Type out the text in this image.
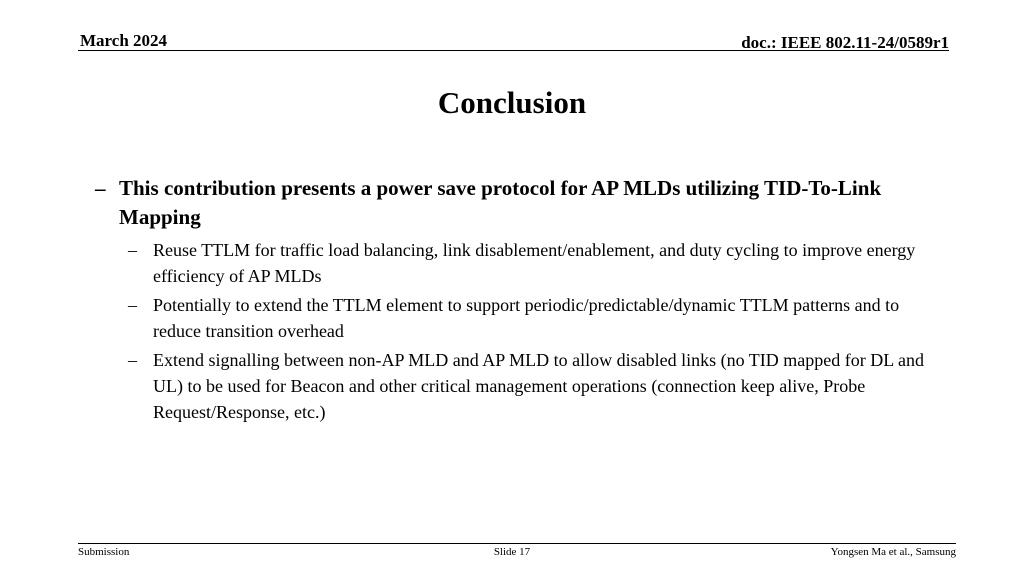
March 2024	doc.: IEEE 802.11-24/0589r1
Conclusion
– This contribution presents a power save protocol for AP MLDs utilizing TID-To-Link Mapping
– Reuse TTLM for traffic load balancing, link disablement/enablement, and duty cycling to improve energy efficiency of AP MLDs
– Potentially to extend the TTLM element to support periodic/predictable/dynamic TTLM patterns and to reduce transition overhead
– Extend signalling between non-AP MLD and AP MLD to allow disabled links (no TID mapped for DL and UL) to be used for Beacon and other critical management operations (connection keep alive, Probe Request/Response, etc.)
Submission	Slide 17	Yongsen Ma et al., Samsung
